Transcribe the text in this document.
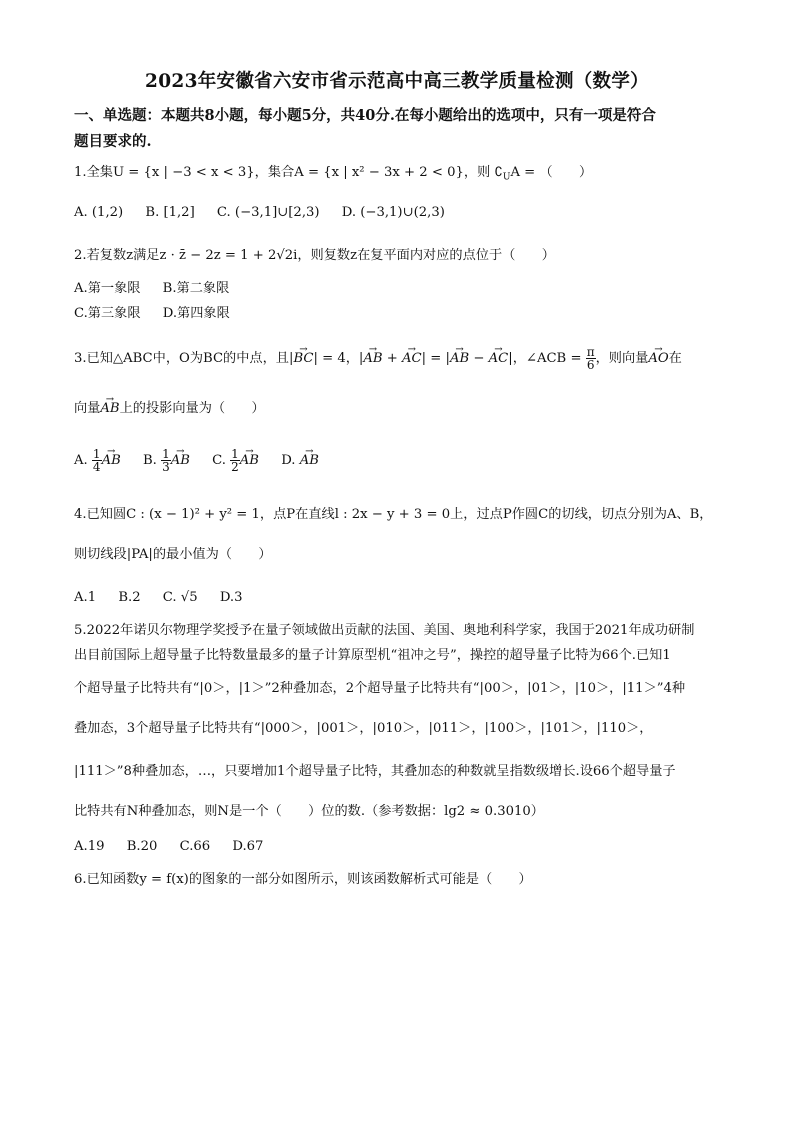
2023年安徽省六安市省示范高中高三教学质量检测（数学）
一、单选题：本题共8小题，每小题5分，共40分.在每小题给出的选项中，只有一项是符合
题目要求的.
1.全集U = {x | −3 < x < 3}，集合A = {x | x² − 3x + 2 < 0}，则 $∁_UA$ = （　　）
A. (1,2) B. [1,2] C. (−3,1]∪[2,3) D. (−3,1)∪(2,3)
2.若复数z满足z · z̄ − 2z = 1 + 2√2i，则复数z在复平面内对应的点位于（　　）
A.第一象限 B.第二象限
C.第三象限 D.第四象限
3.已知△ABC中，O为BC的中点，且|→ BC| = 4，|→ AB + → AC| = |→ AB − → AC|，∠ACB = $\frac{\pi}{6}$ ，则向量→ AO在
向量→ AB上的投影向量为（　　）
A. $\frac{1}{4}$ → AB B. $\frac{1}{3}$ → AB C. $\frac{1}{2}$ → AB D. → AB
4.已知圆C : (x − 1)² + y² = 1，点P在直线l : 2x − y + 3 = 0上，过点P作圆C的切线，切点分别为A、B，
则切线段|PA|的最小值为（　　）
A.1 B.2 C. √5 D.3
5.2022年诺贝尔物理学奖授予在量子领域做出贡献的法国、美国、奥地利科学家，我国于2021年成功研制
出目前国际上超导量子比特数量最多的量子计算原型机“祖冲之号”，操控的超导量子比特为66个.已知1
个超导量子比特共有“|0＞，|1＞”2种叠加态，2个超导量子比特共有“|00＞，|01＞，|10＞，|11＞”4种
叠加态，3个超导量子比特共有“|000＞，|001＞，|010＞，|011＞，|100＞，|101＞，|110＞，
|111＞”8种叠加态，…，只要增加1个超导量子比特，其叠加态的种数就呈指数级增长.设66个超导量子
比特共有N种叠加态，则N是一个（　　）位的数.（参考数据：lg2 ≈ 0.3010）
A.19 B.20 C.66 D.67
6.已知函数y = f(x)的图象的一部分如图所示，则该函数解析式可能是（　　）
